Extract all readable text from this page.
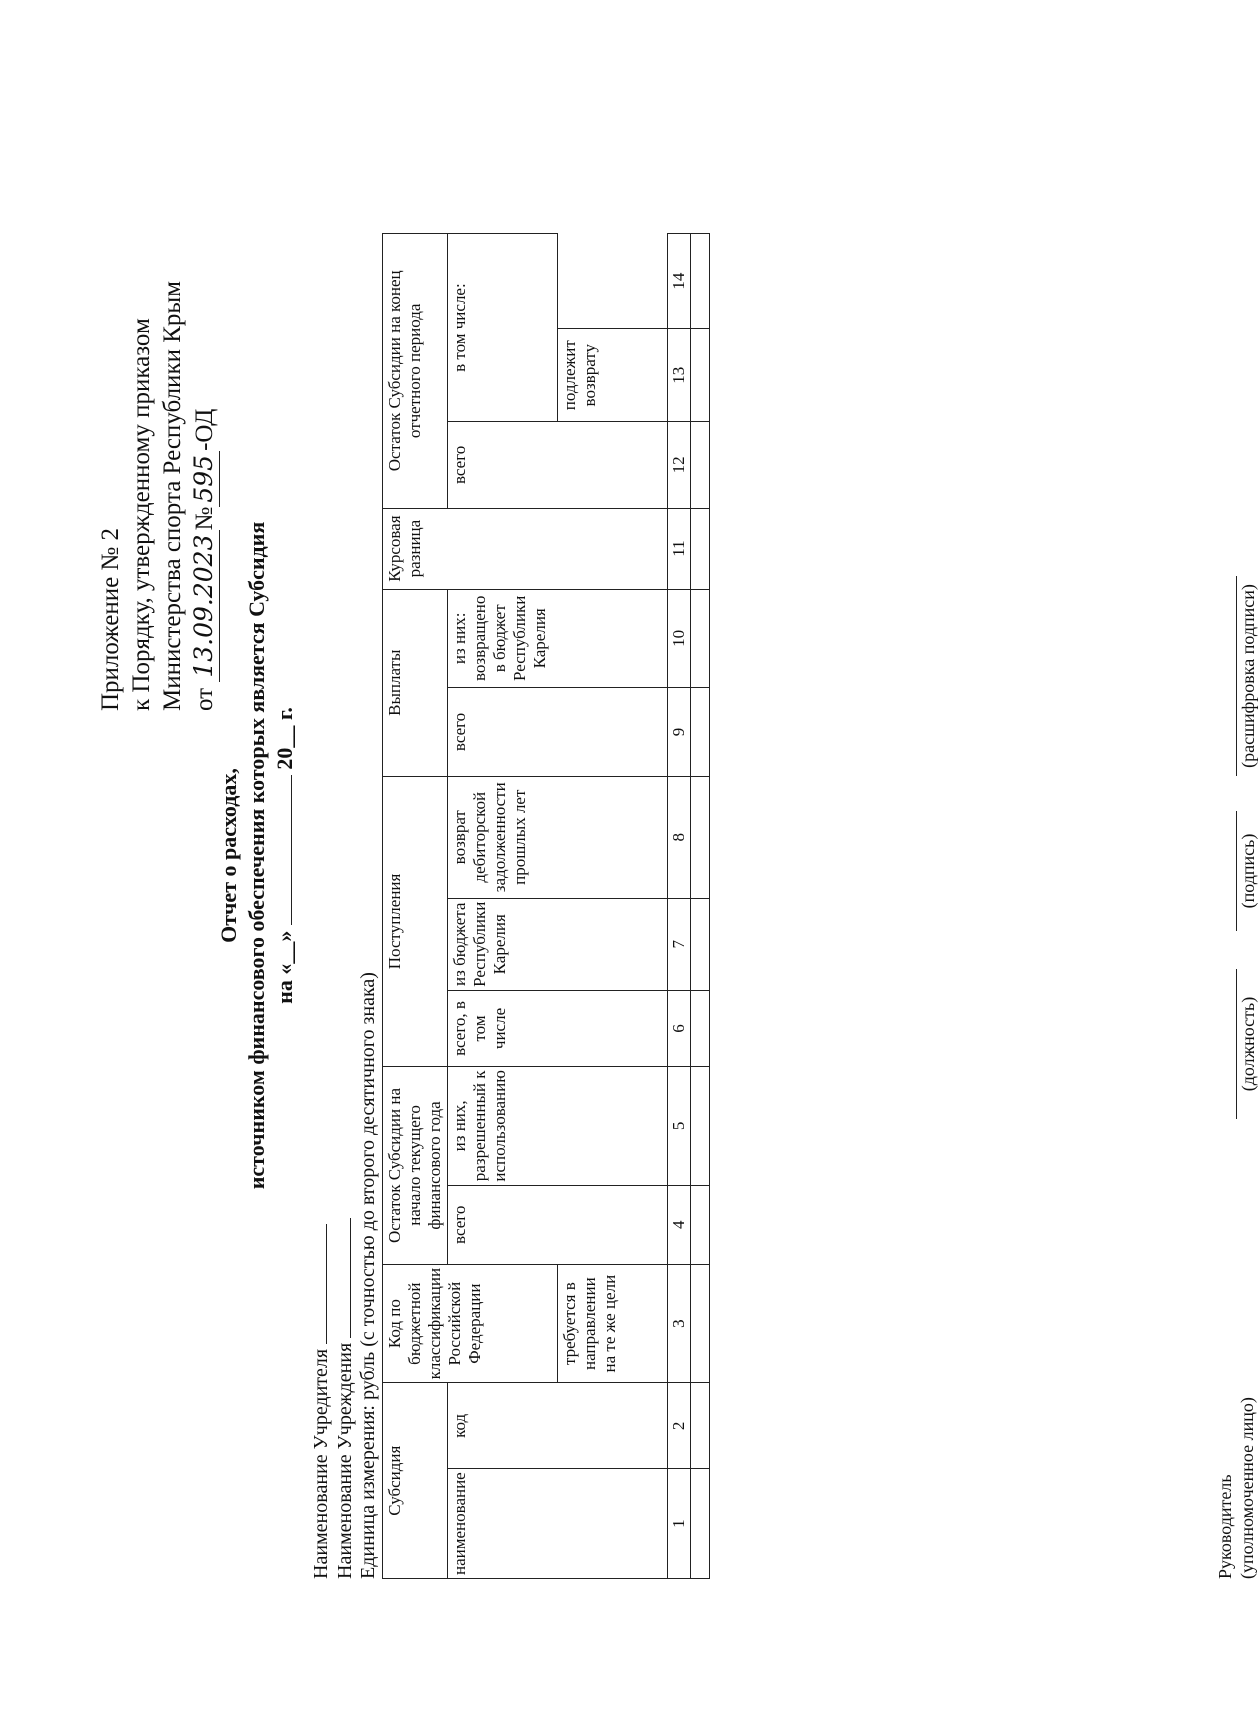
Приложение № 2 к Порядку, утвержденному приказом Министерства спорта Республики Крым от 13.09.2023№595-ОД
Отчет о расходах, источником финансового обеспечения которых является Субсидия на «__»  20__ г.
Наименование Учредителя Наименование Учреждения Единица измерения: рубль (с точностью до второго десятичного знака) Субсидия		Код по бюджетной классификации Российской Федерации	Остаток Субсидии на начало текущего финансового года		Поступления			Выплаты		Курсовая разница	Остаток Субсидии на конец отчетного периода		
наименование	код		всего	из них, разрешенный к использованию	всего, в том числе	из бюджета Республики Карелия	возврат дебиторской задолженности прошлых лет	всего	из них: возвращено в бюджет Республики Карелия		всего	в том числе:	
		требуется в направлении на те же цели										подлежит возврату	
1	2	3	4	5	6	7	8	9	10	11	12	13	14

Руководитель (уполномоченное лицо)
(должность)
(подпись)
(расшифровка подписи)
